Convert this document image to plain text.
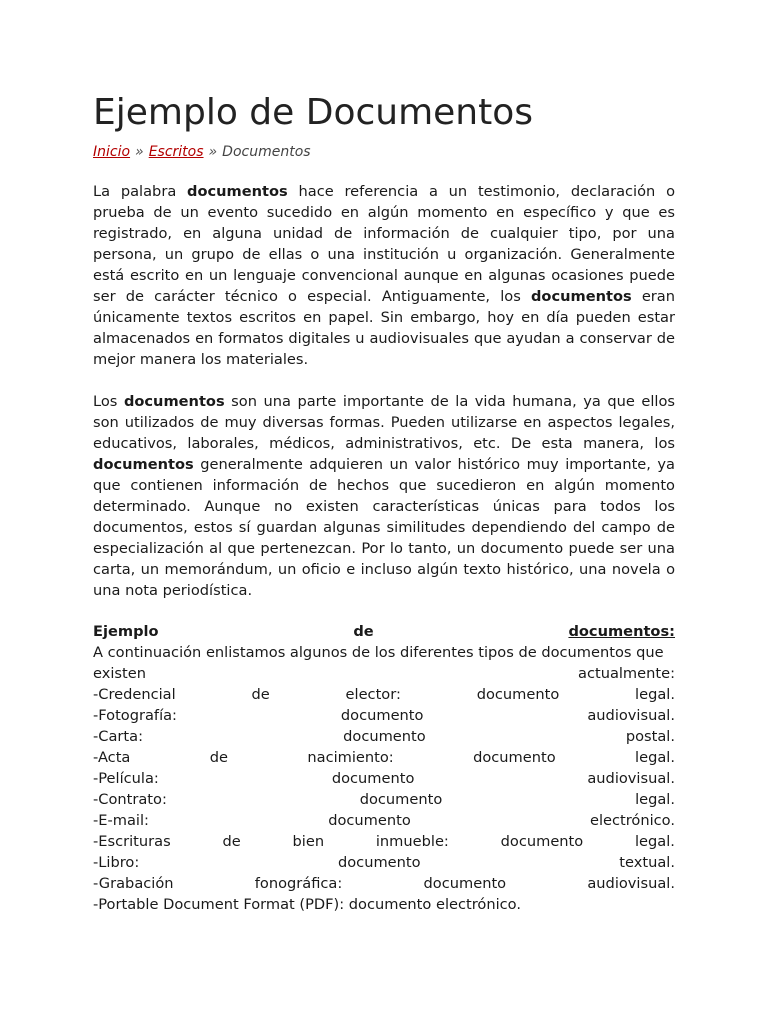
Ejemplo de Documentos
Inicio » Escritos » Documentos

La palabra documentos hace referencia a un testimonio, declaración o prueba de un evento sucedido en algún momento en específico y que es registrado, en alguna unidad de información de cualquier tipo, por una persona, un grupo de ellas o una institución u organización. Generalmente está escrito en un lenguaje convencional aunque en algunas ocasiones puede ser de carácter técnico o especial. Antiguamente, los documentos eran únicamente textos escritos en papel. Sin embargo, hoy en día pueden estar almacenados en formatos digitales u audiovisuales que ayudan a conservar de mejor manera los materiales.

Los documentos son una parte importante de la vida humana, ya que ellos son utilizados de muy diversas formas. Pueden utilizarse en aspectos legales, educativos, laborales, médicos, administrativos, etc. De esta manera, los documentos generalmente adquieren un valor histórico muy importante, ya que contienen información de hechos que sucedieron en algún momento determinado. Aunque no existen características únicas para todos los documentos, estos sí guardan algunas similitudes dependiendo del campo de especialización al que pertenezcan. Por lo tanto, un documento puede ser una carta, un memorándum, un oficio e incluso algún texto histórico, una novela o una nota periodística.

Ejemplo	de	documentos:
A continuación enlistamos algunos de los diferentes tipos de documentos que
existen	actualmente:
-Credencial	de	elector:	documento	legal.
-Fotografía:	documento	audiovisual.
-Carta:	documento	postal.
-Acta	de	nacimiento:	documento	legal.
-Película:	documento	audiovisual.
-Contrato:	documento	legal.
-E-mail:	documento	electrónico.
-Escrituras	de	bien	inmueble:	documento	legal.
-Libro:	documento	textual.
-Grabación	fonográfica:	documento	audiovisual.
-Portable Document Format (PDF): documento electrónico.
